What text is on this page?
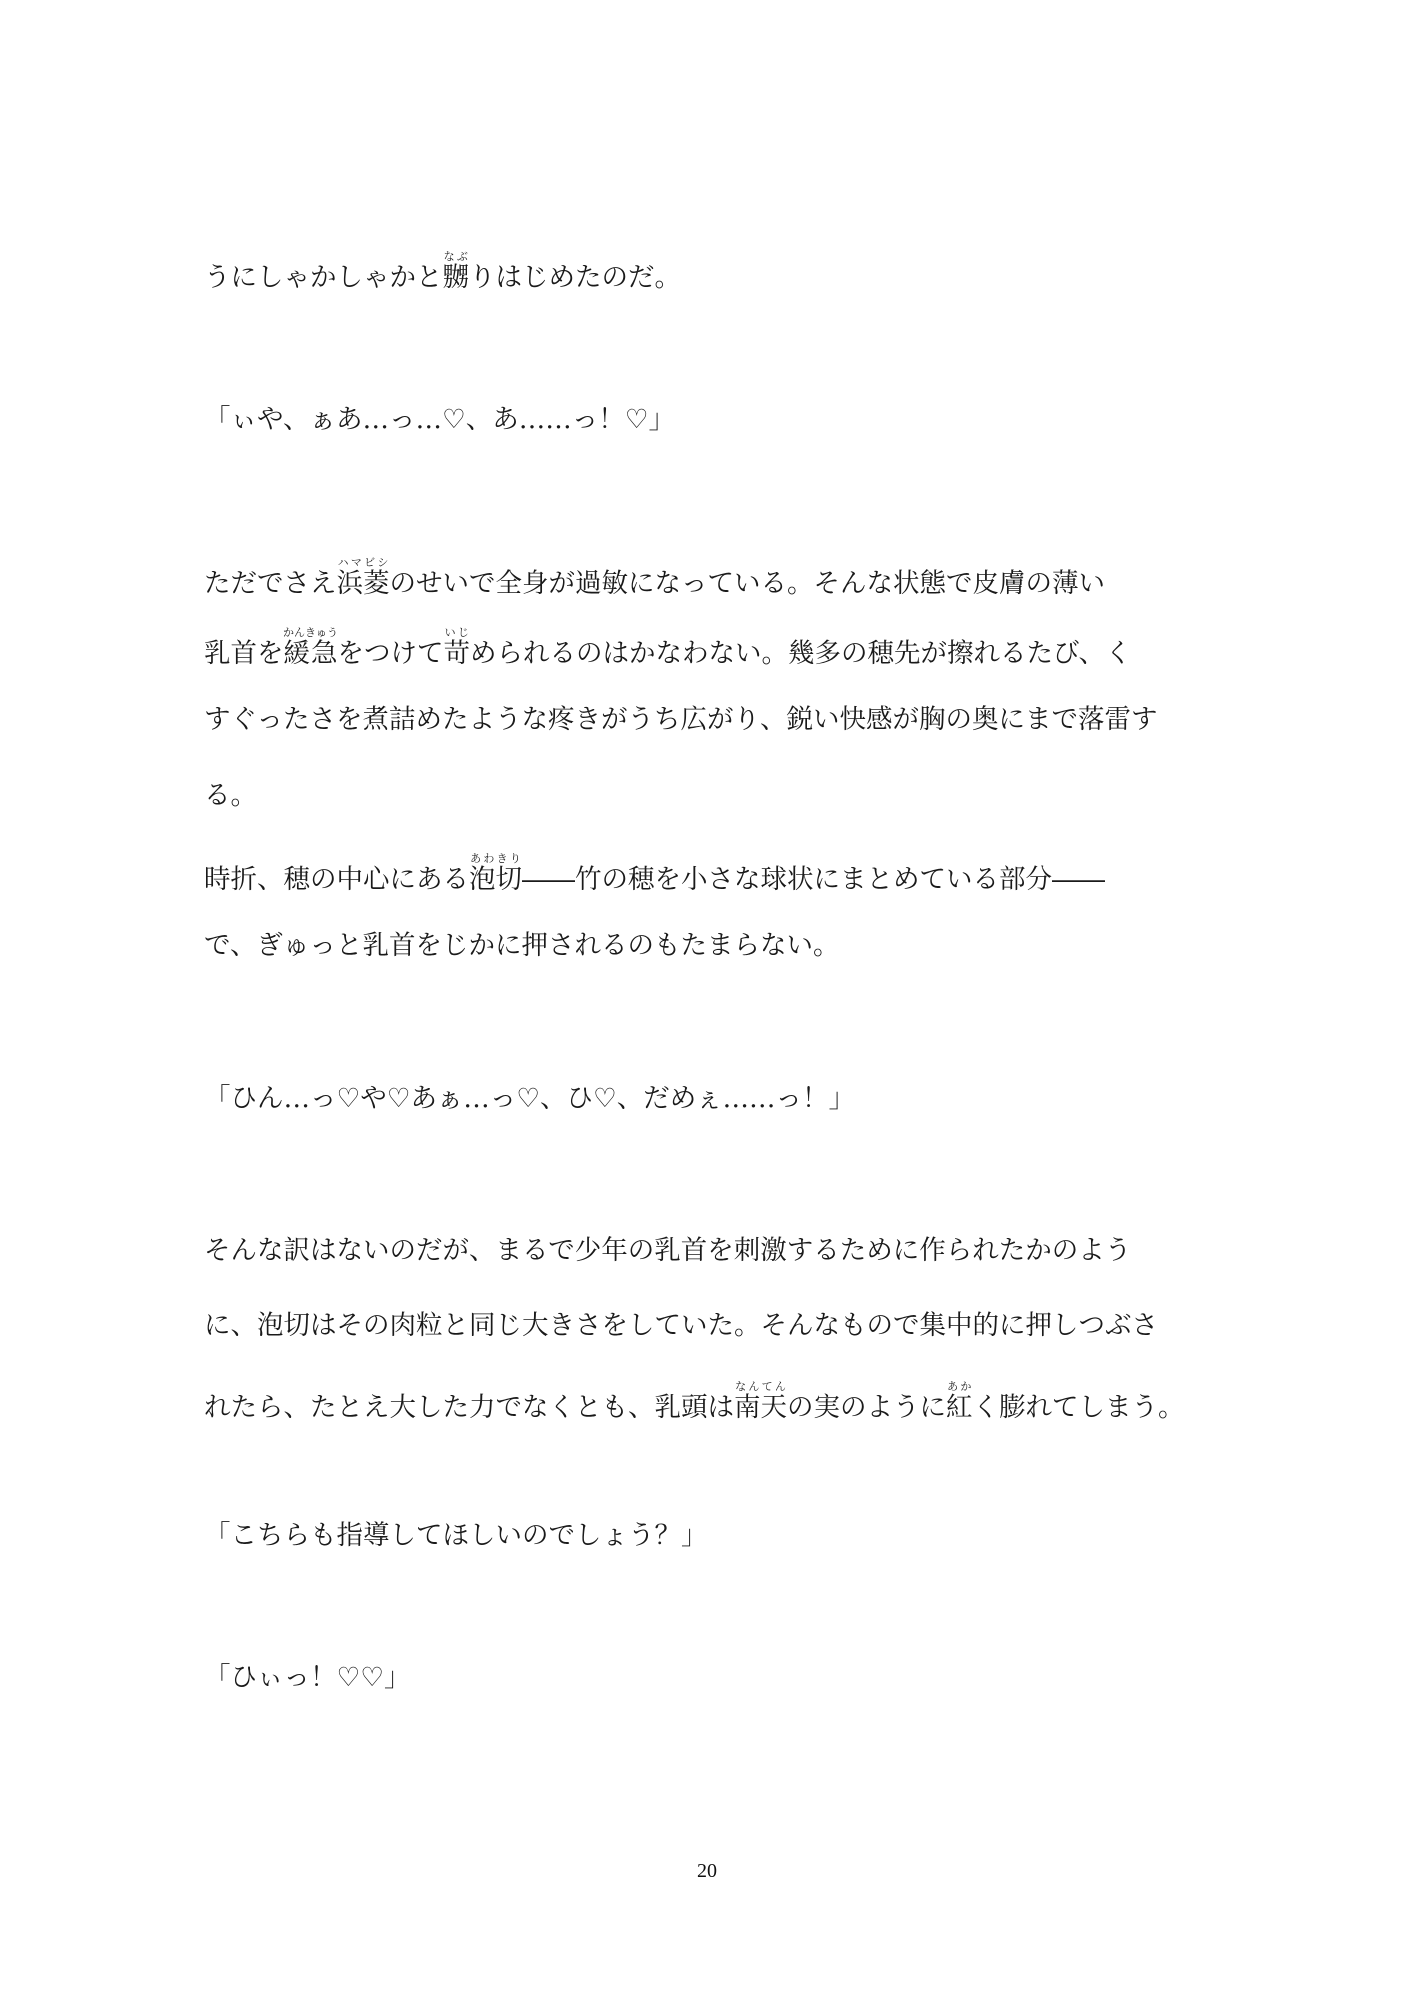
うにしゃかしゃかと嬲なぶりはじめたのだ。
「ぃや、ぁあ…っ…♡、あ……っ！♡」
ただでさえ浜菱ハマビシのせいで全身が過敏になっている。そんな状態で皮膚の薄い
乳首を緩急かんきゅうをつけて苛いじめられるのはかなわない。幾多の穂先が擦れるたび、く
すぐったさを煮詰めたような疼きがうち広がり、鋭い快感が胸の奥にまで落雷す
る。
時折、穂の中心にある泡切あわきり――竹の穂を小さな球状にまとめている部分――
で、ぎゅっと乳首をじかに押されるのもたまらない。
「ひん…っ♡や♡あぁ…っ♡、ひ♡、だめぇ……っ！」
そんな訳はないのだが、まるで少年の乳首を刺激するために作られたかのよう
に、泡切はその肉粒と同じ大きさをしていた。そんなもので集中的に押しつぶさ
れたら、たとえ大した力でなくとも、乳頭は南天なんてんの実のように紅あかく膨れてしまう。
「こちらも指導してほしいのでしょう？」
「ひぃっ！♡♡」
20
